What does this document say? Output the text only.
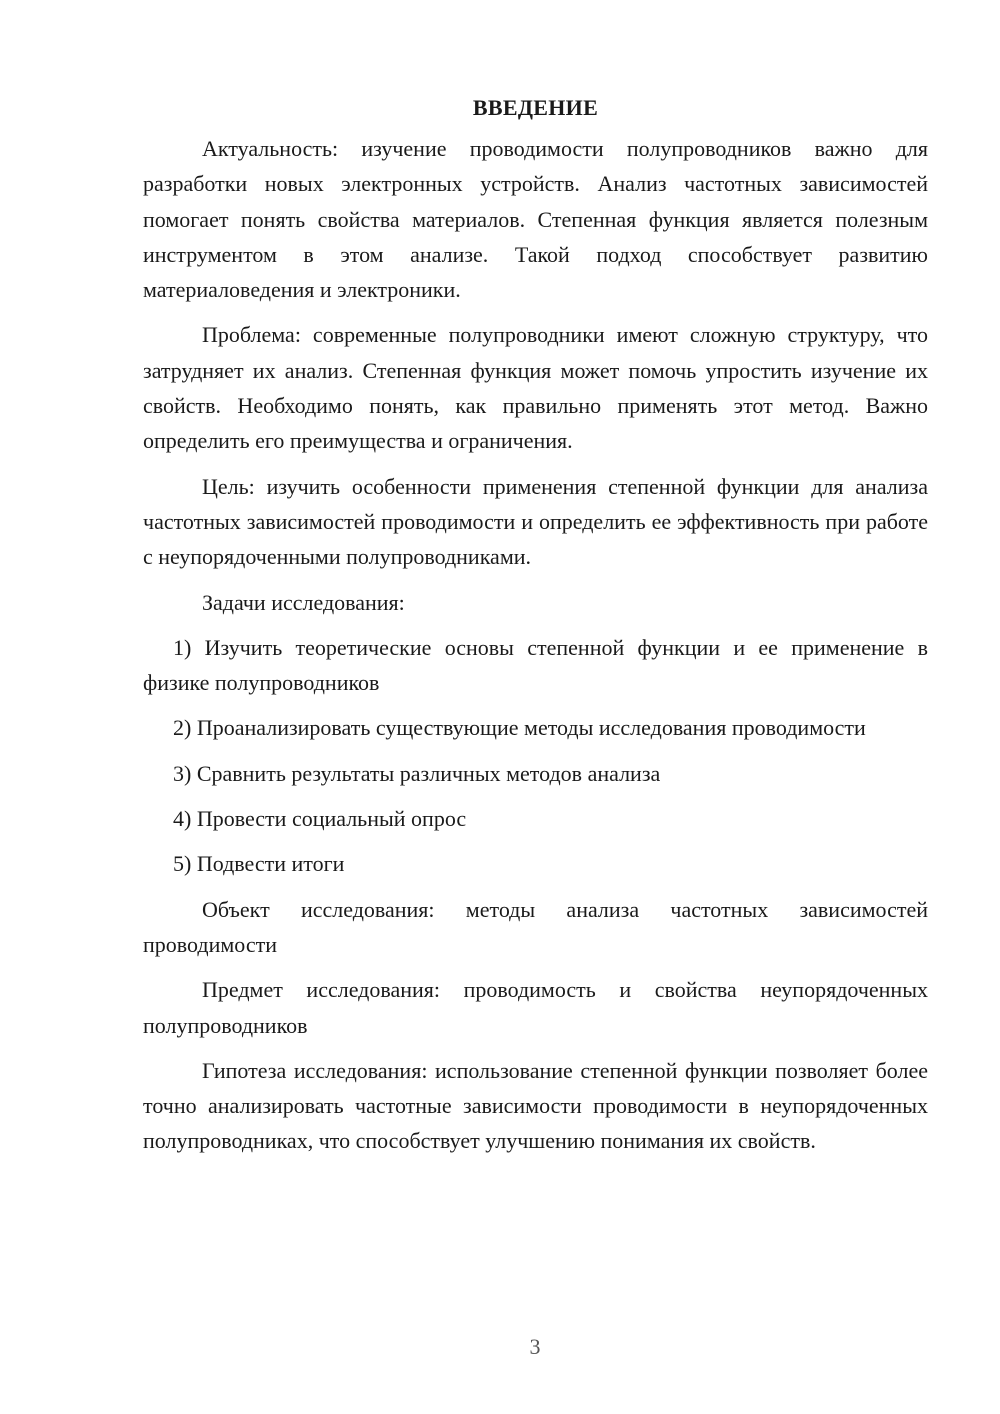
ВВЕДЕНИЕ

Актуальность: изучение проводимости полупроводников важно для разработки новых электронных устройств. Анализ частотных зависимостей помогает понять свойства материалов. Степенная функция является полезным инструментом в этом анализе. Такой подход способствует развитию материаловедения и электроники.

Проблема: современные полупроводники имеют сложную структуру, что затрудняет их анализ. Степенная функция может помочь упростить изучение их свойств. Необходимо понять, как правильно применять этот метод. Важно определить его преимущества и ограничения.

Цель: изучить особенности применения степенной функции для анализа частотных зависимостей проводимости и определить ее эффективность при работе с неупорядоченными полупроводниками.

Задачи исследования:

1) Изучить теоретические основы степенной функции и ее применение в физике полупроводников

2) Проанализировать существующие методы исследования проводимости

3) Сравнить результаты различных методов анализа

4) Провести социальный опрос

5) Подвести итоги

Объект исследования: методы анализа частотных зависимостей проводимости

Предмет исследования: проводимость и свойства неупорядоченных полупроводников

Гипотеза исследования: использование степенной функции позволяет более точно анализировать частотные зависимости проводимости в неупорядоченных полупроводниках, что способствует улучшению понимания их свойств.

3
